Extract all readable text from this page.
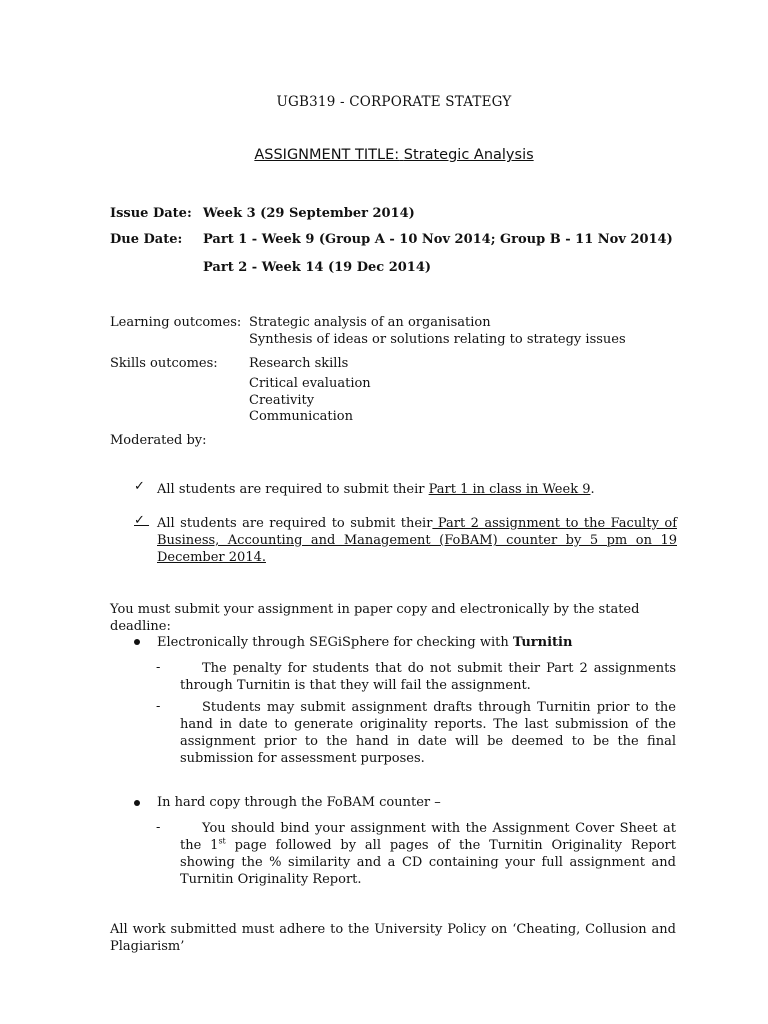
UGB319 - CORPORATE STATEGY
ASSIGNMENT TITLE: Strategic Analysis
Issue Date: Week 3 (29 September 2014)
Due Date: Part 1 - Week 9 (Group A - 10 Nov 2014; Group B - 11 Nov 2014)
Part 2 - Week 14 (19 Dec 2014)
Learning outcomes: Strategic analysis of an organisation
Synthesis of ideas or solutions relating to strategy issues
Skills outcomes: Research skills
Critical evaluation
Creativity
Communication
Moderated by:
✓ All students are required to submit their Part 1 in class in Week 9.
✓ All students are required to submit their Part 2 assignment to the Faculty of Business, Accounting and Management (FoBAM) counter by 5 pm on 19 December 2014.
You must submit your assignment in paper copy and electronically by the stated deadline:
Electronically through SEGiSphere for checking with Turnitin
-	The penalty for students that do not submit their Part 2 assignments through Turnitin is that they will fail the assignment.
-	Students may submit assignment drafts through Turnitin prior to the hand in date to generate originality reports. The last submission of the assignment prior to the hand in date will be deemed to be the final submission for assessment purposes.
In hard copy through the FoBAM counter –
-	You should bind your assignment with the Assignment Cover Sheet at the 1st page followed by all pages of the Turnitin Originality Report showing the % similarity and a CD containing your full assignment and Turnitin Originality Report.
All work submitted must adhere to the University Policy on ‘Cheating, Collusion and Plagiarism’
